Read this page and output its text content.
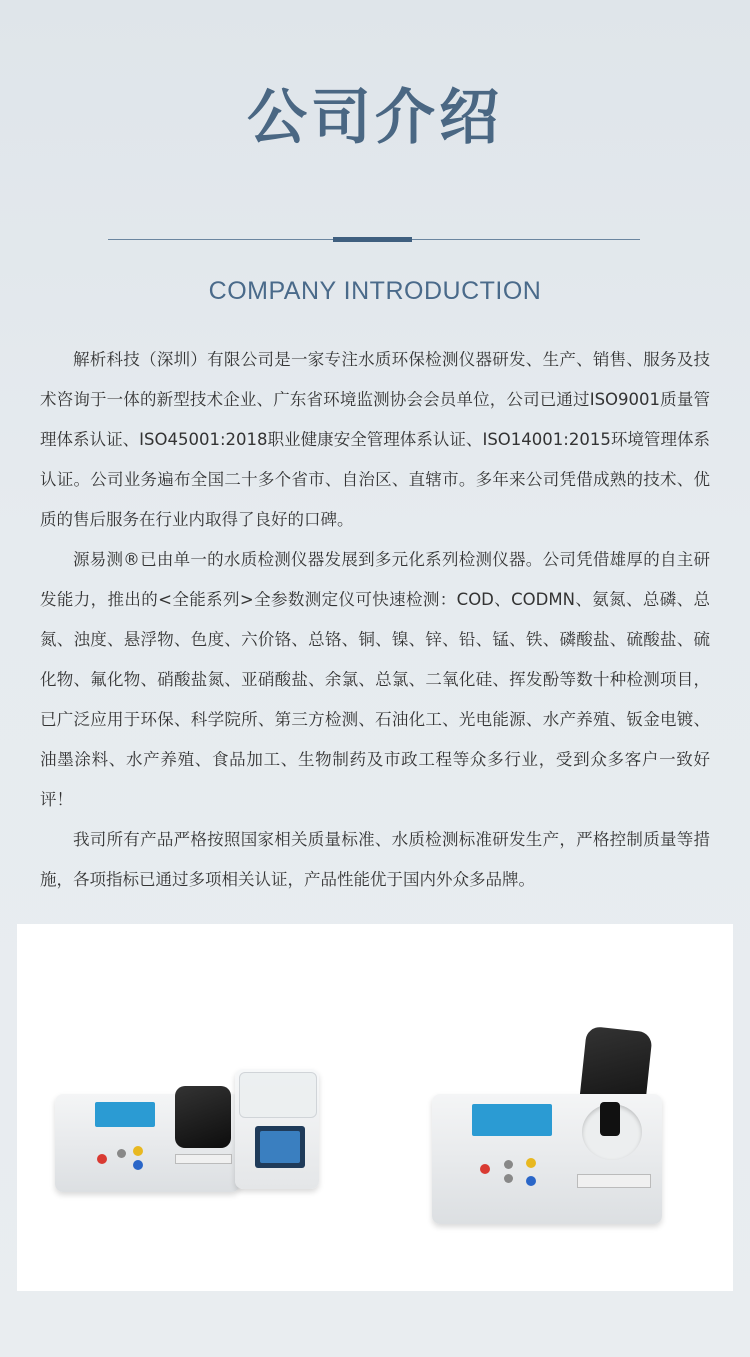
公司介绍
COMPANY INTRODUCTION

解析科技（深圳）有限公司是一家专注水质环保检测仪器研发、生产、销售、服务及技术咨询于一体的新型技术企业、广东省环境监测协会会员单位，公司已通过ISO9001质量管理体系认证、ISO45001:2018职业健康安全管理体系认证、ISO14001:2015环境管理体系认证。公司业务遍布全国二十多个省市、自治区、直辖市。多年来公司凭借成熟的技术、优质的售后服务在行业内取得了良好的口碑。

源易测®已由单一的水质检测仪器发展到多元化系列检测仪器。公司凭借雄厚的自主研发能力，推出的<全能系列>全参数测定仪可快速检测：COD、CODMN、氨氮、总磷、总氮、浊度、悬浮物、色度、六价铬、总铬、铜、镍、锌、铅、锰、铁、磷酸盐、硫酸盐、硫化物、氟化物、硝酸盐氮、亚硝酸盐、余氯、总氯、二氧化硅、挥发酚等数十种检测项目，已广泛应用于环保、科学院所、第三方检测、石油化工、光电能源、水产养殖、钣金电镀、油墨涂料、水产养殖、食品加工、生物制药及市政工程等众多行业，受到众多客户一致好评！

我司所有产品严格按照国家相关质量标准、水质检测标准研发生产，严格控制质量等措施，各项指标已通过多项相关认证，产品性能优于国内外众多品牌。
